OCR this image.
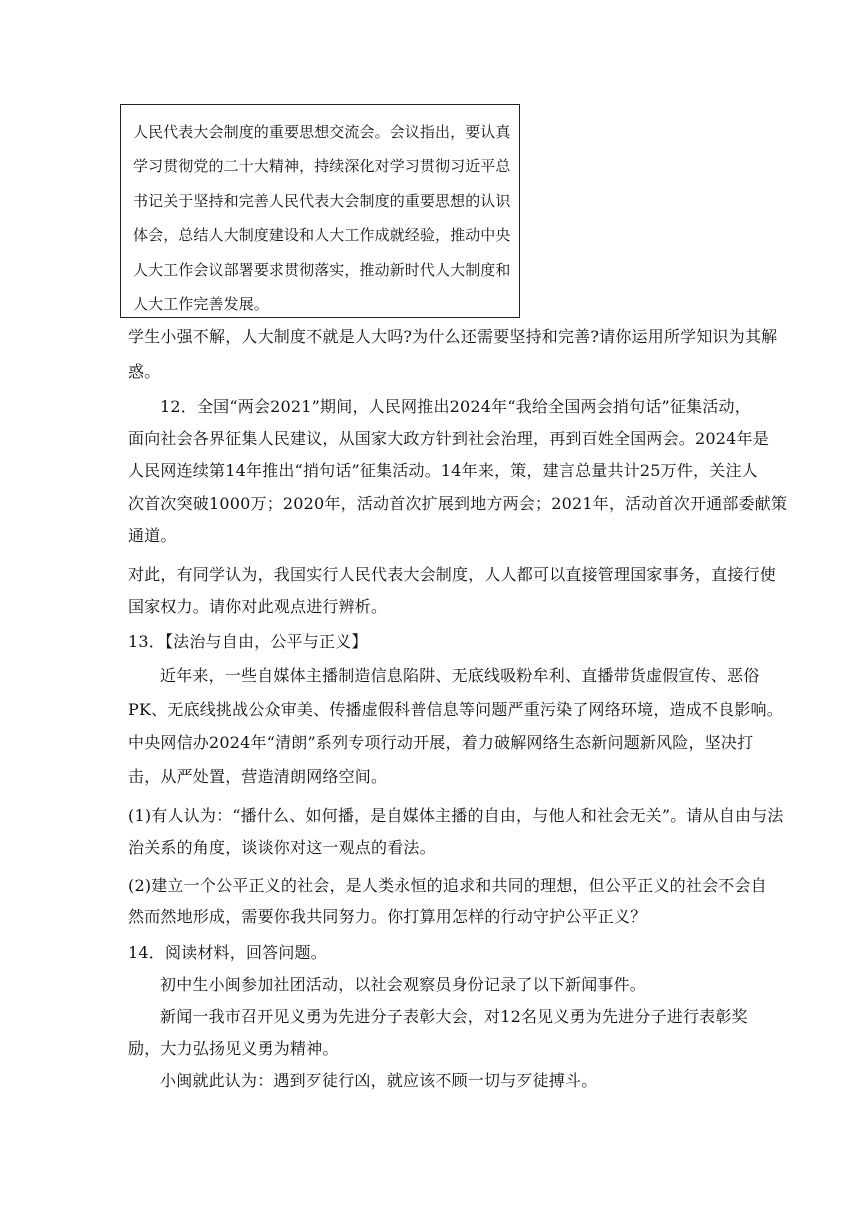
人民代表大会制度的重要思想交流会。会议指出，要认真

学习贯彻党的二十大精神，持续深化对学习贯彻习近平总

书记关于坚持和完善人民代表大会制度的重要思想的认识

体会，总结人大制度建设和人大工作成就经验，推动中央

人大工作会议部署要求贯彻落实，推动新时代人大制度和

人大工作完善发展。

学生小强不解，人大制度不就是人大吗?为什么还需要坚持和完善?请你运用所学知识为其解
惑。
12．全国“两会2021”期间，人民网推出2024年“我给全国两会捎句话”征集活动，
面向社会各界征集人民建议，从国家大政方针到社会治理，再到百姓全国两会。2024年是
人民网连续第14年推出“捎句话”征集活动。14年来，策，建言总量共计25万件，关注人
次首次突破1000万；2020年，活动首次扩展到地方两会；2021年，活动首次开通部委献策
通道。
对此，有同学认为，我国实行人民代表大会制度，人人都可以直接管理国家事务，直接行使
国家权力。请你对此观点进行辨析。
13．【法治与自由，公平与正义】
近年来，一些自媒体主播制造信息陷阱、无底线吸粉牟利、直播带货虚假宣传、恶俗
PK、无底线挑战公众审美、传播虚假科普信息等问题严重污染了网络环境，造成不良影响。
中央网信办2024年“清朗”系列专项行动开展，着力破解网络生态新问题新风险，坚决打
击，从严处置，营造清朗网络空间。
(1)有人认为：“播什么、如何播，是自媒体主播的自由，与他人和社会无关”。请从自由与法
治关系的角度，谈谈你对这一观点的看法。
(2)建立一个公平正义的社会，是人类永恒的追求和共同的理想，但公平正义的社会不会自
然而然地形成，需要你我共同努力。你打算用怎样的行动守护公平正义？
14．阅读材料，回答问题。
初中生小闽参加社团活动，以社会观察员身份记录了以下新闻事件。
新闻一我市召开见义勇为先进分子表彰大会，对12名见义勇为先进分子进行表彰奖
励，大力弘扬见义勇为精神。
小闽就此认为：遇到歹徒行凶，就应该不顾一切与歹徒搏斗。
